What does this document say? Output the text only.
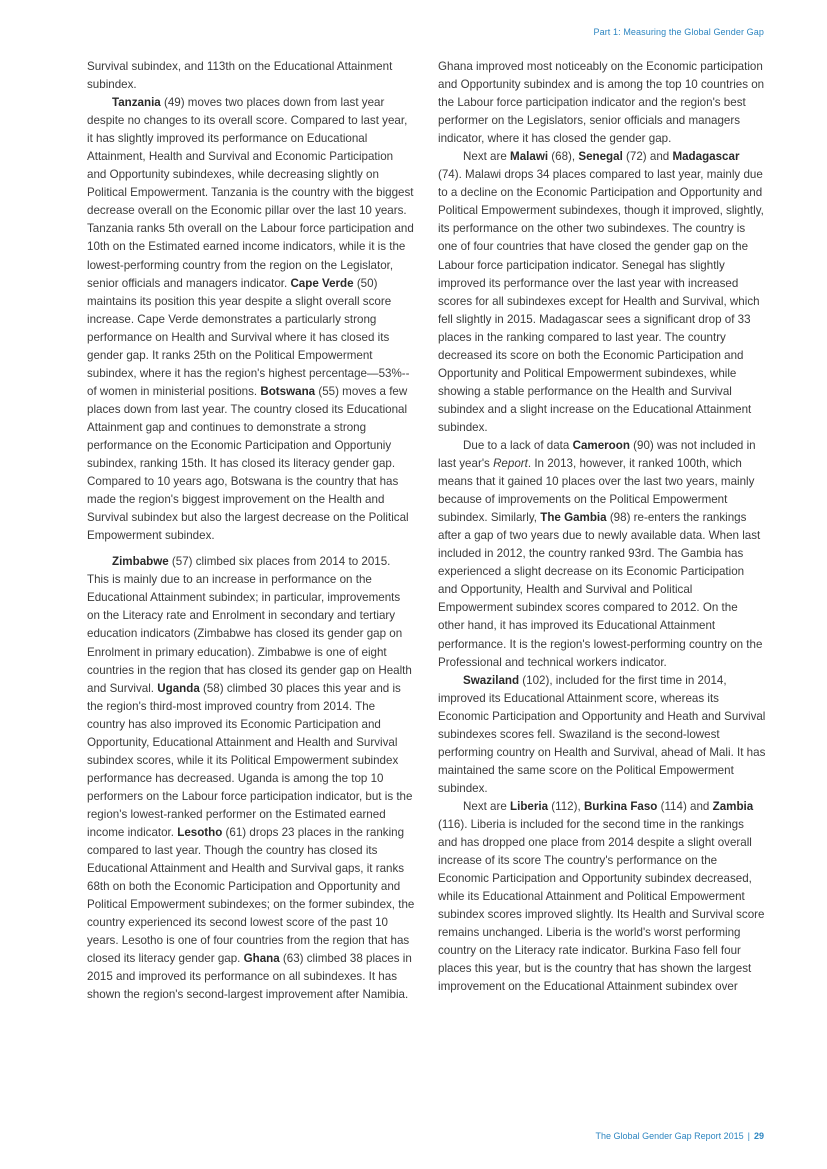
Part 1: Measuring the Global Gender Gap

Survival subindex, and 113th on the Educational Attainment subindex.

Tanzania (49) moves two places down from last year despite no changes to its overall score. Compared to last year, it has slightly improved its performance on Educational Attainment, Health and Survival and Economic Participation and Opportunity subindexes, while decreasing slightly on Political Empowerment. Tanzania is the country with the biggest decrease overall on the Economic pillar over the last 10 years. Tanzania ranks 5th overall on the Labour force participation and 10th on the Estimated earned income indicators, while it is the lowest-performing country from the region on the Legislator, senior officials and managers indicator. Cape Verde (50) maintains its position this year despite a slight overall score increase. Cape Verde demonstrates a particularly strong performance on Health and Survival where it has closed its gender gap. It ranks 25th on the Political Empowerment subindex, where it has the region's highest percentage—53%--of women in ministerial positions. Botswana (55) moves a few places down from last year. The country closed its Educational Attainment gap and continues to demonstrate a strong performance on the Economic Participation and Opportuniy subindex, ranking 15th. It has closed its literacy gender gap. Compared to 10 years ago, Botswana is the country that has made the region's biggest improvement on the Health and Survival subindex but also the largest decrease on the Political Empowerment subindex.

Zimbabwe (57) climbed six places from 2014 to 2015. This is mainly due to an increase in performance on the Educational Attainment subindex; in particular, improvements on the Literacy rate and Enrolment in secondary and tertiary education indicators (Zimbabwe has closed its gender gap on Enrolment in primary education). Zimbabwe is one of eight countries in the region that has closed its gender gap on Health and Survival. Uganda (58) climbed 30 places this year and is the region's third-most improved country from 2014. The country has also improved its Economic Participation and Opportunity, Educational Attainment and Health and Survival subindex scores, while it its Political Empowerment subindex performance has decreased. Uganda is among the top 10 performers on the Labour force participation indicator, but is the region's lowest-ranked performer on the Estimated earned income indicator. Lesotho (61) drops 23 places in the ranking compared to last year. Though the country has closed its Educational Attainment and Health and Survival gaps, it ranks 68th on both the Economic Participation and Opportunity and Political Empowerment subindexes; on the former subindex, the country experienced its second lowest score of the past 10 years. Lesotho is one of four countries from the region that has closed its literacy gender gap. Ghana (63) climbed 38 places in 2015 and improved its performance on all subindexes. It has shown the region's second-largest improvement after Namibia.

Ghana improved most noticeably on the Economic participation and Opportunity subindex and is among the top 10 countries on the Labour force participation indicator and the region's best performer on the Legislators, senior officials and managers indicator, where it has closed the gender gap.

Next are Malawi (68), Senegal (72) and Madagascar (74). Malawi drops 34 places compared to last year, mainly due to a decline on the Economic Participation and Opportunity and Political Empowerment subindexes, though it improved, slightly, its performance on the other two subindexes. The country is one of four countries that have closed the gender gap on the Labour force participation indicator. Senegal has slightly improved its performance over the last year with increased scores for all subindexes except for Health and Survival, which fell slightly in 2015. Madagascar sees a significant drop of 33 places in the ranking compared to last year. The country decreased its score on both the Economic Participation and Opportunity and Political Empowerment subindexes, while showing a stable performance on the Health and Survival subindex and a slight increase on the Educational Attainment subindex.

Due to a lack of data Cameroon (90) was not included in last year's Report. In 2013, however, it ranked 100th, which means that it gained 10 places over the last two years, mainly because of improvements on the Political Empowerment subindex. Similarly, The Gambia (98) re-enters the rankings after a gap of two years due to newly available data. When last included in 2012, the country ranked 93rd. The Gambia has experienced a slight decrease on its Economic Participation and Opportunity, Health and Survival and Political Empowerment subindex scores compared to 2012. On the other hand, it has improved its Educational Attainment performance. It is the region's lowest-performing country on the Professional and technical workers indicator.

Swaziland (102), included for the first time in 2014, improved its Educational Attainment score, whereas its Economic Participation and Opportunity and Heath and Survival subindexes scores fell. Swaziland is the second-lowest performing country on Health and Survival, ahead of Mali. It has maintained the same score on the Political Empowerment subindex.

Next are Liberia (112), Burkina Faso (114) and Zambia (116). Liberia is included for the second time in the rankings and has dropped one place from 2014 despite a slight overall increase of its score The country's performance on the Economic Participation and Opportunity subindex decreased, while its Educational Attainment and Political Empowerment subindex scores improved slightly. Its Health and Survival score remains unchanged. Liberia is the world's worst performing country on the Literacy rate indicator. Burkina Faso fell four places this year, but is the country that has shown the largest improvement on the Educational Attainment subindex over

The Global Gender Gap Report 2015 | 29
